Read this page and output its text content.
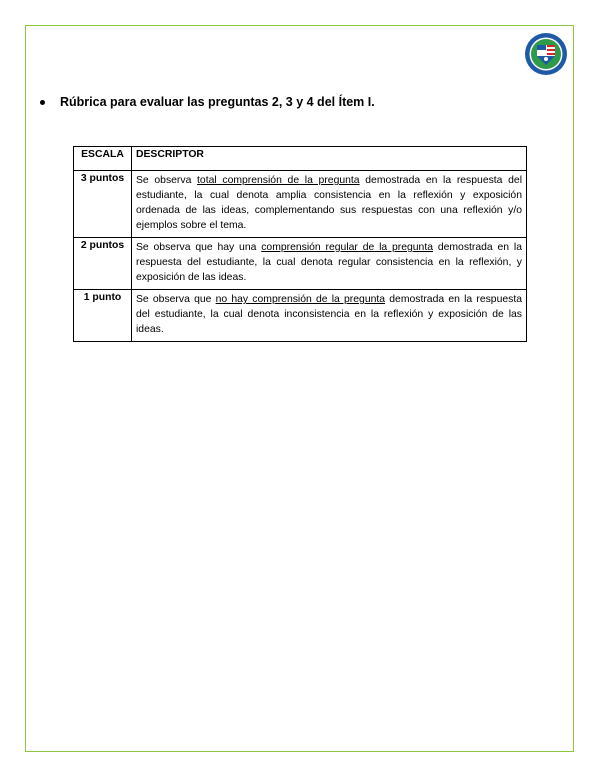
Rúbrica para evaluar las preguntas 2, 3 y 4 del Ítem I.
ESCALA	DESCRIPTOR
3 puntos	Se observa total comprensión de la pregunta demostrada en la respuesta del estudiante, la cual denota amplia consistencia en la reflexión y exposición ordenada de las ideas, complementando sus respuestas con una reflexión y/o ejemplos sobre el tema.
2 puntos	Se observa que hay una comprensión regular de la pregunta demostrada en la respuesta del estudiante, la cual denota regular consistencia en la reflexión, y exposición de las ideas.
1 punto	Se observa que no hay comprensión de la pregunta demostrada en la respuesta del estudiante, la cual denota inconsistencia en la reflexión y exposición de las ideas.
